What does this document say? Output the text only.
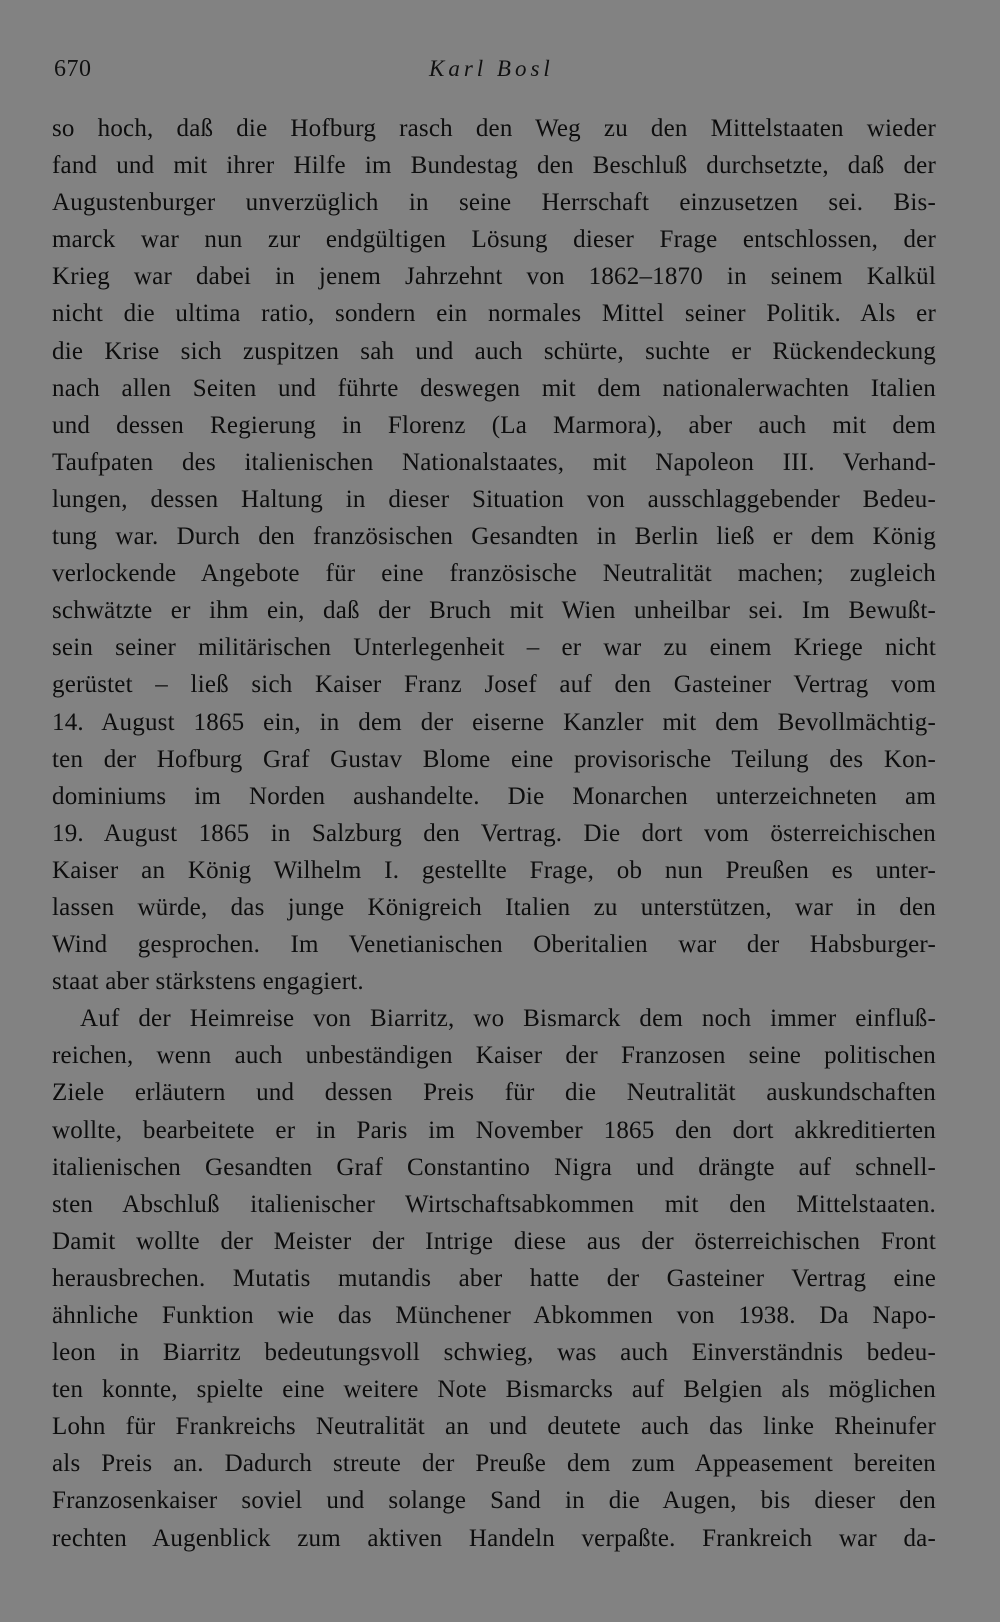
670	Karl Bosl
so hoch, daß die Hofburg rasch den Weg zu den Mittelstaaten wieder
fand und mit ihrer Hilfe im Bundestag den Beschluß durchsetzte, daß der
Augustenburger unverzüglich in seine Herrschaft einzusetzen sei. Bis-
marck war nun zur endgültigen Lösung dieser Frage entschlossen, der
Krieg war dabei in jenem Jahrzehnt von 1862–1870 in seinem Kalkül
nicht die ultima ratio, sondern ein normales Mittel seiner Politik. Als er
die Krise sich zuspitzen sah und auch schürte, suchte er Rückendeckung
nach allen Seiten und führte deswegen mit dem nationalerwachten Italien
und dessen Regierung in Florenz (La Marmora), aber auch mit dem
Taufpaten des italienischen Nationalstaates, mit Napoleon III. Verhand-
lungen, dessen Haltung in dieser Situation von ausschlaggebender Bedeu-
tung war. Durch den französischen Gesandten in Berlin ließ er dem König
verlockende Angebote für eine französische Neutralität machen; zugleich
schwätzte er ihm ein, daß der Bruch mit Wien unheilbar sei. Im Bewußt-
sein seiner militärischen Unterlegenheit – er war zu einem Kriege nicht
gerüstet – ließ sich Kaiser Franz Josef auf den Gasteiner Vertrag vom
14. August 1865 ein, in dem der eiserne Kanzler mit dem Bevollmächtig-
ten der Hofburg Graf Gustav Blome eine provisorische Teilung des Kon-
dominiums im Norden aushandelte. Die Monarchen unterzeichneten am
19. August 1865 in Salzburg den Vertrag. Die dort vom österreichischen
Kaiser an König Wilhelm I. gestellte Frage, ob nun Preußen es unter-
lassen würde, das junge Königreich Italien zu unterstützen, war in den
Wind gesprochen. Im Venetianischen Oberitalien war der Habsburger-
staat aber stärkstens engagiert.
Auf der Heimreise von Biarritz, wo Bismarck dem noch immer einfluß-
reichen, wenn auch unbeständigen Kaiser der Franzosen seine politischen
Ziele erläutern und dessen Preis für die Neutralität auskundschaften
wollte, bearbeitete er in Paris im November 1865 den dort akkreditierten
italienischen Gesandten Graf Constantino Nigra und drängte auf schnell-
sten Abschluß italienischer Wirtschaftsabkommen mit den Mittelstaaten.
Damit wollte der Meister der Intrige diese aus der österreichischen Front
herausbrechen. Mutatis mutandis aber hatte der Gasteiner Vertrag eine
ähnliche Funktion wie das Münchener Abkommen von 1938. Da Napo-
leon in Biarritz bedeutungsvoll schwieg, was auch Einverständnis bedeu-
ten konnte, spielte eine weitere Note Bismarcks auf Belgien als möglichen
Lohn für Frankreichs Neutralität an und deutete auch das linke Rheinufer
als Preis an. Dadurch streute der Preuße dem zum Appeasement bereiten
Franzosenkaiser soviel und solange Sand in die Augen, bis dieser den
rechten Augenblick zum aktiven Handeln verpaßte. Frankreich war da-
